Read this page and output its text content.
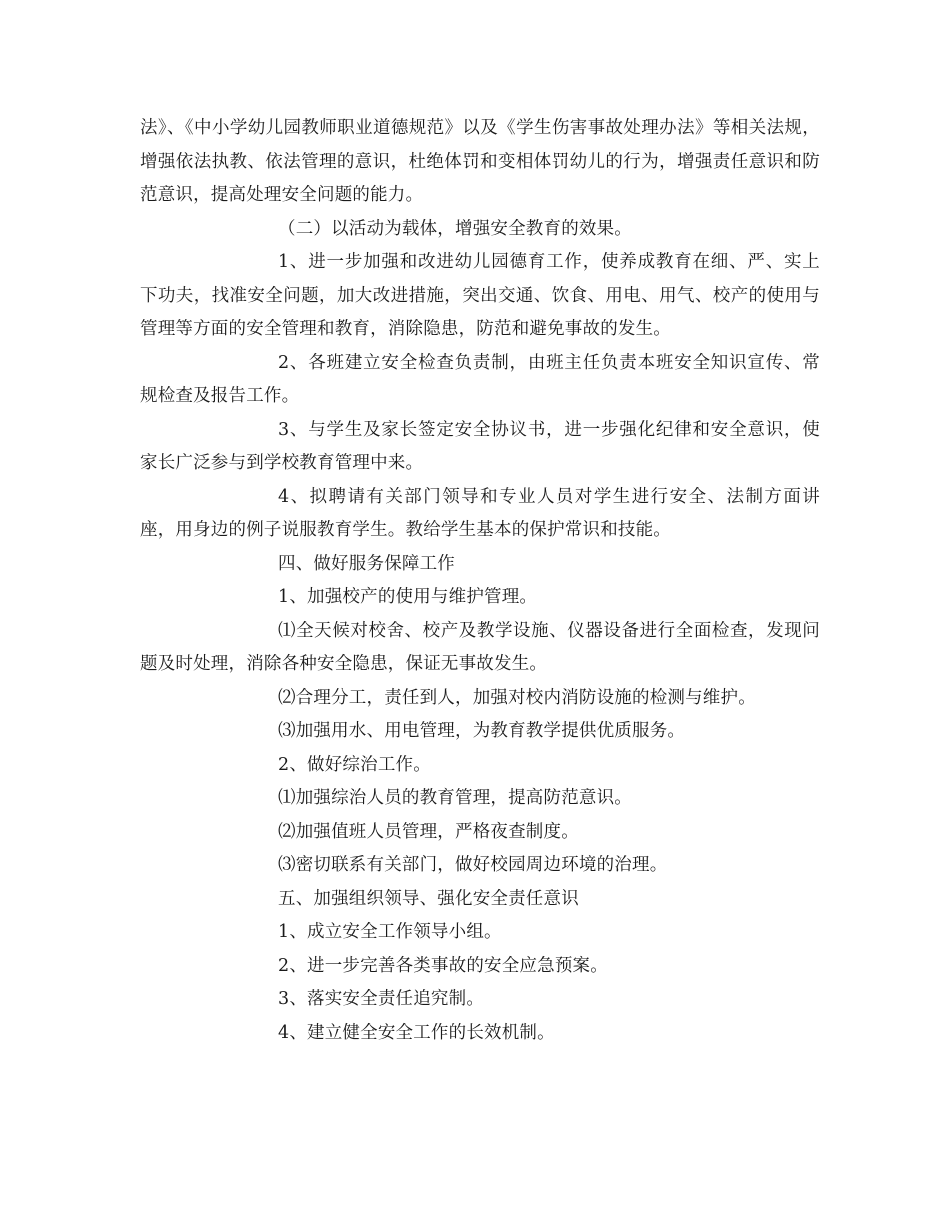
法》、《中小学幼儿园教师职业道德规范》以及《学生伤害事故处理办法》等相关法规，增强依法执教、依法管理的意识，杜绝体罚和变相体罚幼儿的行为，增强责任意识和防范意识，提高处理安全问题的能力。

（二）以活动为载体，增强安全教育的效果。

1、进一步加强和改进幼儿园德育工作，使养成教育在细、严、实上下功夫，找准安全问题，加大改进措施，突出交通、饮食、用电、用气、校产的使用与管理等方面的安全管理和教育，消除隐患，防范和避免事故的发生。

2、各班建立安全检查负责制，由班主任负责本班安全知识宣传、常规检查及报告工作。

3、与学生及家长签定安全协议书，进一步强化纪律和安全意识，使家长广泛参与到学校教育管理中来。

4、拟聘请有关部门领导和专业人员对学生进行安全、法制方面讲座，用身边的例子说服教育学生。教给学生基本的保护常识和技能。

四、做好服务保障工作

1、加强校产的使用与维护管理。

⑴全天候对校舍、校产及教学设施、仪器设备进行全面检查，发现问题及时处理，消除各种安全隐患，保证无事故发生。

⑵合理分工，责任到人，加强对校内消防设施的检测与维护。

⑶加强用水、用电管理，为教育教学提供优质服务。

2、做好综治工作。

⑴加强综治人员的教育管理，提高防范意识。

⑵加强值班人员管理，严格夜查制度。

⑶密切联系有关部门，做好校园周边环境的治理。

五、加强组织领导、强化安全责任意识

1、成立安全工作领导小组。

2、进一步完善各类事故的安全应急预案。

3、落实安全责任追究制。

4、建立健全安全工作的长效机制。
